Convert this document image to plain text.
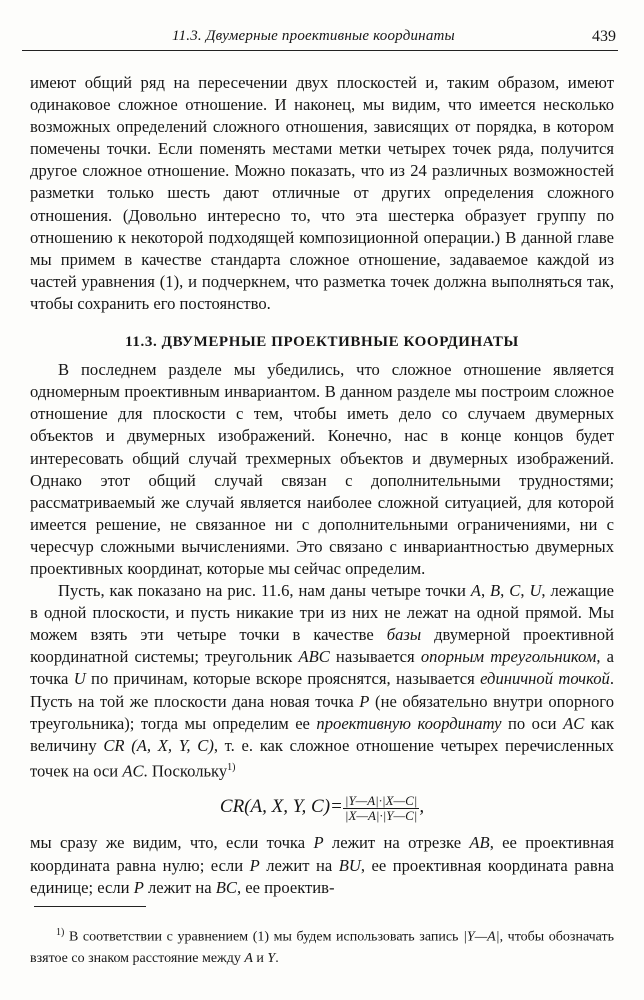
11.3. Двумерные проективные координаты	439

имеют общий ряд на пересечении двух плоскостей и, таким образом, имеют одинаковое сложное отношение. И наконец, мы видим, что имеется несколько возможных определений сложного отношения, зависящих от порядка, в котором помечены точки. Если поменять местами метки четырех точек ряда, получится другое сложное отношение. Можно показать, что из 24 различных возможностей разметки только шесть дают отличные от других определения сложного отношения. (Довольно интересно то, что эта шестерка образует группу по отношению к некоторой подходящей композиционной операции.) В данной главе мы примем в качестве стандарта сложное отношение, задаваемое каждой из частей уравнения (1), и подчеркнем, что разметка точек должна выполняться так, чтобы сохранить его постоянство.

11.3. ДВУМЕРНЫЕ ПРОЕКТИВНЫЕ КООРДИНАТЫ

В последнем разделе мы убедились, что сложное отношение является одномерным проективным инвариантом. В данном разделе мы построим сложное отношение для плоскости с тем, чтобы иметь дело со случаем двумерных объектов и двумерных изображений. Конечно, нас в конце концов будет интересовать общий случай трехмерных объектов и двумерных изображений. Однако этот общий случай связан с дополнительными трудностями; рассматриваемый же случай является наиболее сложной ситуацией, для которой имеется решение, не связанное ни с дополнительными ограничениями, ни с чересчур сложными вычислениями. Это связано с инвариантностью двумерных проективных координат, которые мы сейчас определим.

Пусть, как показано на рис. 11.6, нам даны четыре точки A, B, C, U, лежащие в одной плоскости, и пусть никакие три из них не лежат на одной прямой. Мы можем взять эти четыре точки в качестве базы двумерной проективной координатной системы; треугольник ABC называется опорным треугольником, а точка U по причинам, которые вскоре прояснятся, называется единичной точкой. Пусть на той же плоскости дана новая точка P (не обязательно внутри опорного треугольника); тогда мы определим ее проективную координату по оси AC как величину CR (A, X, Y, C), т. е. как сложное отношение четырех перечисленных точек на оси AC. Поскольку$^{1)}$

CR(A, X, Y, $C)= \frac{|Y—A|\cdot|X—C|}{|X—A|\cdot|Y—C|}$ ,

мы сразу же видим, что, если точка P лежит на отрезке AB, ее проективная координата равна нулю; если P лежит на BU, ее проективная координата равна единице; если P лежит на BC, ее проектив-

$^{1)}$ В соответствии с уравнением (1) мы будем использовать запись |Y—A|, чтобы обозначать взятое со знаком расстояние между A и Y.
